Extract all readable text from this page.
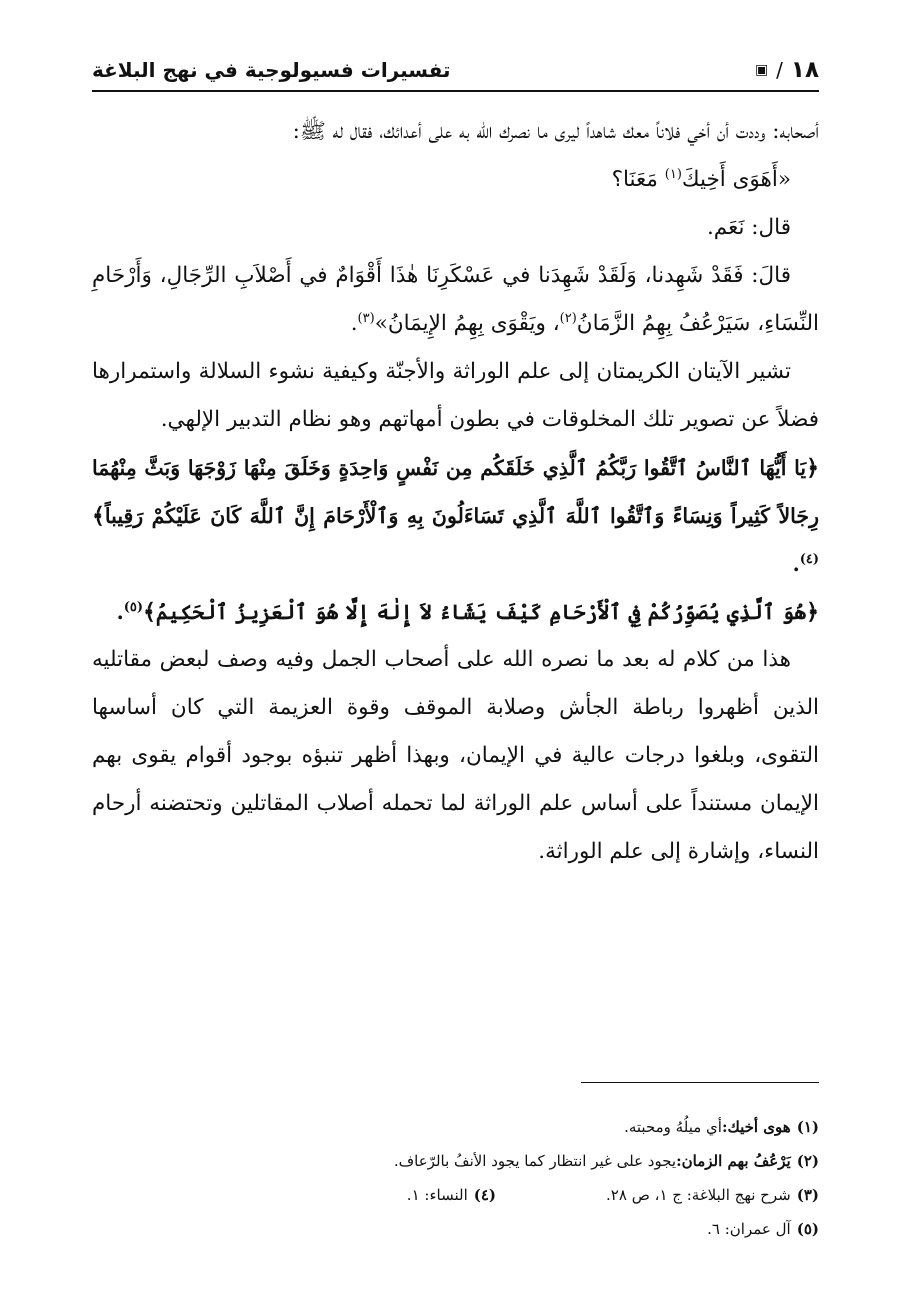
١٨
/
▣
تفسيرات فسيولوجية في نهج البلاغة

أصحابه: وددت أن أخي فلاناً معك شاهداً ليرى ما نصرك الله به على أعدائك، فقال له ﷺ:

«أَهَوَى أَخِيكَ$^{(١)}$ مَعَنَا؟

قال: نَعَم.

قالَ: فَقَدْ شَهِدنا، وَلَقَدْ شَهِدَنا في عَسْكَرِنَا هٰذَا أَقْوَامٌ في أَصْلاَبِ الرِّجَالِ، وَأَرْحَامِ النِّسَاءِ، سَيَرْعُفُ بِهِمُ الزَّمَانُ$^{(٢)}$، ويَقْوَى بِهِمُ الإِيمَانُ»$^{(٣)}$.

تشير الآيتان الكريمتان إلى علم الوراثة والأجنّة وكيفية نشوء السلالة واستمرارها فضلاً عن تصوير تلك المخلوقات في بطون أمهاتهم وهو نظام التدبير الإلهي.

﴿يَا أَيُّهَا ٱلنَّاسُ ٱتَّقُوا رَبَّكُمُ ٱلَّذِي خَلَقَكُم مِن نَفْسٍ وَاحِدَةٍ وَخَلَقَ مِنْهَا زَوْجَهَا وَبَثَّ مِنْهُمَا رِجَالاً كَثِيراً وَنِسَاءً وَٱتَّقُوا ٱللَّهَ ٱلَّذِي تَسَاءَلُونَ بِهِ وَٱلْأَرْحَامَ إِنَّ ٱللَّهَ كَانَ عَلَيْكُمْ رَقِيباً﴾$^{(٤)}$.

﴿هُوَ ٱلَّذِي يُصَوِّرُكُمْ فِي ٱلْأَرْحَامِ كَيْفَ يَشَاءُ لاَ إِلٰهَ إِلَّا هُوَ ٱلْعَزِيزُ ٱلْحَكِيمُ﴾$^{(٥)}$.

هذا من كلام له بعد ما نصره الله على أصحاب الجمل وفيه وصف لبعض مقاتليه الذين أظهروا رباطة الجأش وصلابة الموقف وقوة العزيمة التي كان أساسها التقوى، وبلغوا درجات عالية في الإيمان، وبهذا أظهر تنبؤه بوجود أقوام يقوى بهم الإيمان مستنداً على أساس علم الوراثة لما تحمله أصلاب المقاتلين وتحتضنه أرحام النساء، وإشارة إلى علم الوراثة.

(١)
هوى أخيك:
أي ميلُهُ ومحبته.
(٢)
يَرْعُفُ بهم الزمان:
يجود على غير انتظار كما يجود الأنفُ بالرّعاف.
(٣)
شرح نهج البلاغة: ج ١، ص ٢٨.
(٤)
النساء: ١.
(٥)
آل عمران: ٦.
